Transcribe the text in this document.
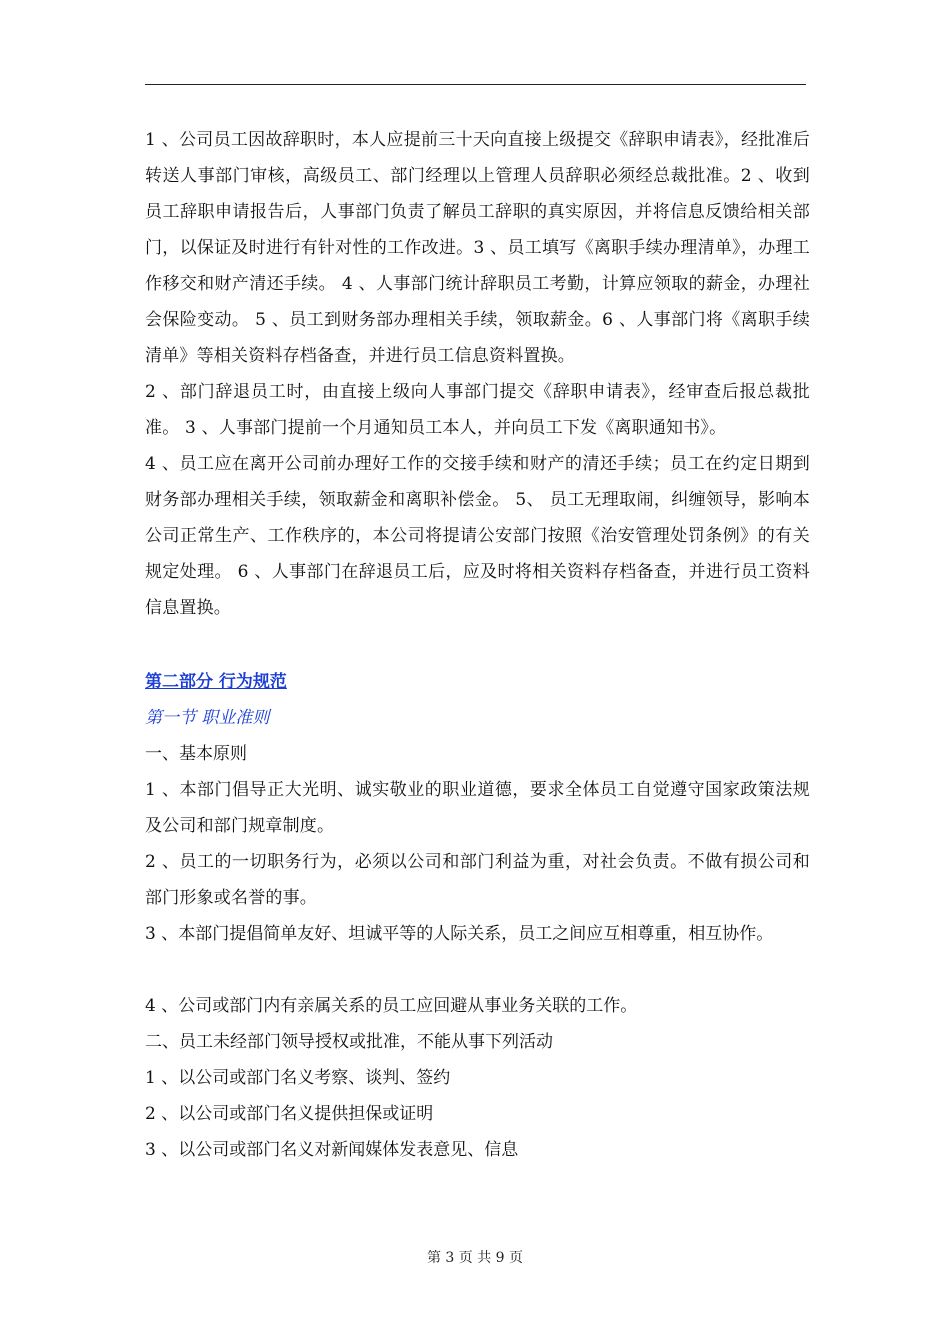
1 、公司员工因故辞职时，本人应提前三十天向直接上级提交《辞职申请表》，经批准后转送人事部门审核，高级员工、部门经理以上管理人员辞职必须经总裁批准。2 、收到员工辞职申请报告后，人事部门负责了解员工辞职的真实原因，并将信息反馈给相关部门，以保证及时进行有针对性的工作改进。3 、员工填写《离职手续办理清单》，办理工作移交和财产清还手续。 4 、人事部门统计辞职员工考勤，计算应领取的薪金，办理社会保险变动。 5 、员工到财务部办理相关手续，领取薪金。6 、人事部门将《离职手续清单》等相关资料存档备查，并进行员工信息资料置换。

2 、部门辞退员工时，由直接上级向人事部门提交《辞职申请表》，经审查后报总裁批准。 3 、人事部门提前一个月通知员工本人，并向员工下发《离职通知书》。

4 、员工应在离开公司前办理好工作的交接手续和财产的清还手续；员工在约定日期到财务部办理相关手续，领取薪金和离职补偿金。 5、 员工无理取闹，纠缠领导，影响本公司正常生产、工作秩序的，本公司将提请公安部门按照《治安管理处罚条例》的有关规定处理。 6 、人事部门在辞退员工后，应及时将相关资料存档备查，并进行员工资料信息置换。

第二部分 行为规范
第一节 职业准则

一、基本原则

1 、本部门倡导正大光明、诚实敬业的职业道德，要求全体员工自觉遵守国家政策法规及公司和部门规章制度。

2 、员工的一切职务行为，必须以公司和部门利益为重，对社会负责。不做有损公司和部门形象或名誉的事。

3 、本部门提倡简单友好、坦诚平等的人际关系，员工之间应互相尊重，相互协作。

4 、公司或部门内有亲属关系的员工应回避从事业务关联的工作。

二、员工未经部门领导授权或批准，不能从事下列活动

1 、以公司或部门名义考察、谈判、签约

2 、以公司或部门名义提供担保或证明

3 、以公司或部门名义对新闻媒体发表意见、信息

第 3 页 共 9 页
